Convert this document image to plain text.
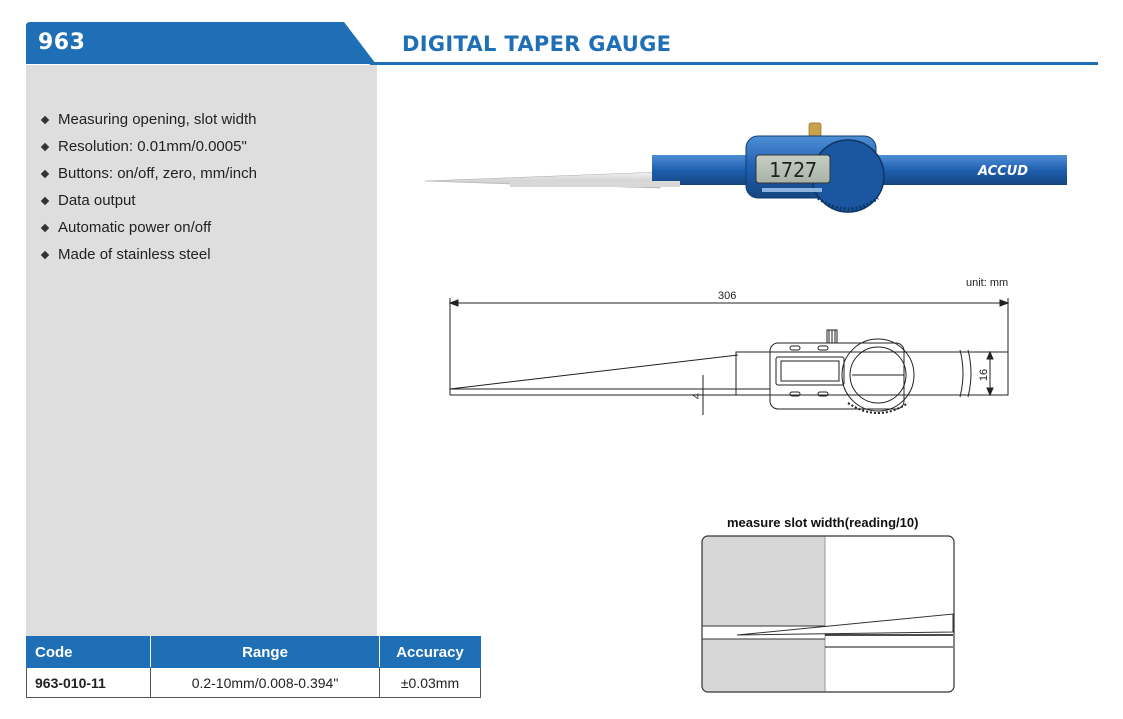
963	DIGITAL TAPER GAUGE
Measuring opening, slot width
Resolution: 0.01mm/0.0005"
Buttons: on/off, zero, mm/inch
Data output
Automatic power on/off
Made of stainless steel
1727	ACCUD
unit: mm
306
16
4
measure slot width(reading/10)
Code	Range	Accuracy
963-010-11	0.2-10mm/0.008-0.394"	±0.03mm
